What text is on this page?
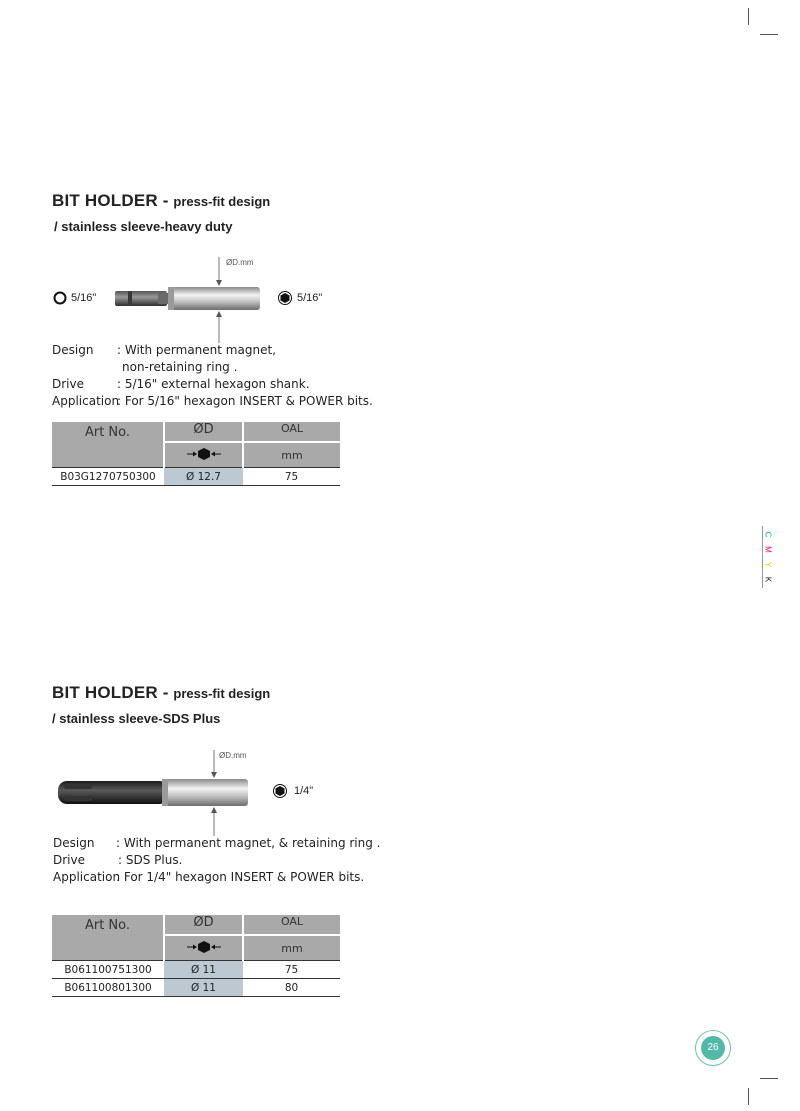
BIT HOLDER - press-fit design
/ stainless sleeve-heavy duty
ØD.mm
5/16"	5/16"
Design : With permanent magnet,
non-retaining ring .
Drive	: 5/16" external hexagon shank.
Application
: For 5/16" hexagon INSERT & POWER bits.
Art No.	ØD	OAL
	mm
B03G1270750300	Ø 12.7	75
C
M
Y
K
BIT HOLDER - press-fit design
/ stainless sleeve-SDS Plus
ØD.mm
1/4"
Design : With permanent magnet, & retaining ring .
Drive	: SDS Plus.
Application
: For 1/4" hexagon INSERT & POWER bits.
Art No.	ØD	OAL
	mm
B061100751300	Ø 11	75
B061100801300	Ø 11	80
26
